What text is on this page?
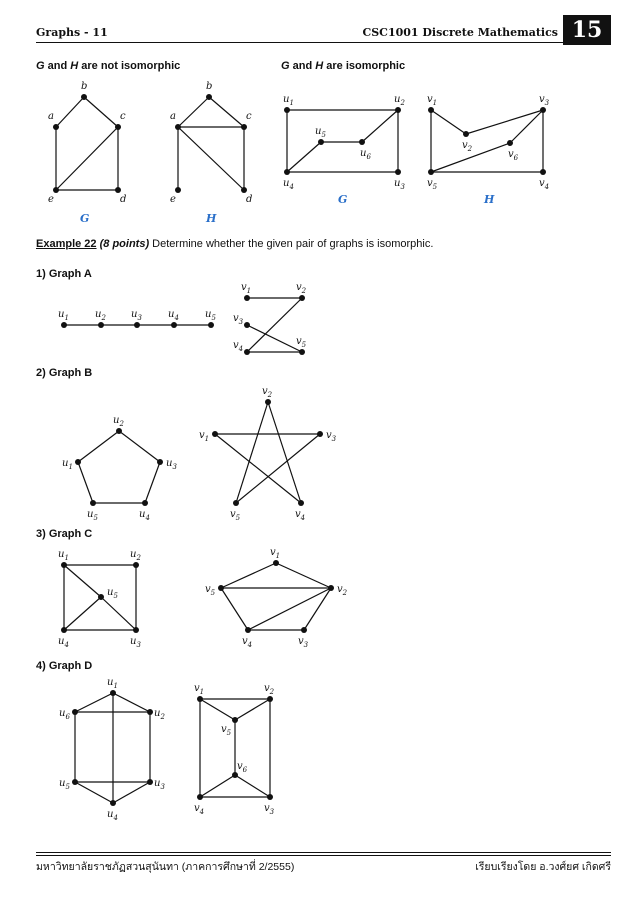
Graphs - 11	CSC1001 Discrete Mathematics 15
G and H are not isomorphic	G and H are isomorphic
Example 22 (8 points) Determine whether the given pair of graphs is isomorphic.
1) Graph A
2) Graph B
3) Graph C
4) Graph D
a
b
c
d
e
a
b
c
d
e
G	H
$u_1$	$u_2$
$u_3$
$u_4$
$u_5$
$u_6$
$v_1$
$v_2$
$v_3$
$v_4$
$v_5$
$v_6$
G	H
$u_1$	$u_2$	$u_3$	$u_4$	$u_5$
$v_1$	$v_2$
$v_3$
$v_4$
$v_5$
$u_1$
$u_2$
$u_3$
$u_4$
$u_5$
$v_1$
$v_2$
$v_3$
$v_4$
$v_5$
$u_1$	$u_2$
$u_3$
$u_4$
$u_5$
$v_1$
$v_2$
$v_3$
$v_4$
$v_5$
$u_1$
$u_6$	$u_2$
$u_5$	$u_3$
$u_4$
$v_1$	$v_2$
$v_5$
$v_6$
$v_4$	$v_3$
มหาวิทยาลัยราชภัฏสวนสุนันทา (ภาคการศึกษาที่ 2/2555)	เรียบเรียงโดย อ.วงศ์ยศ เกิดศรี
